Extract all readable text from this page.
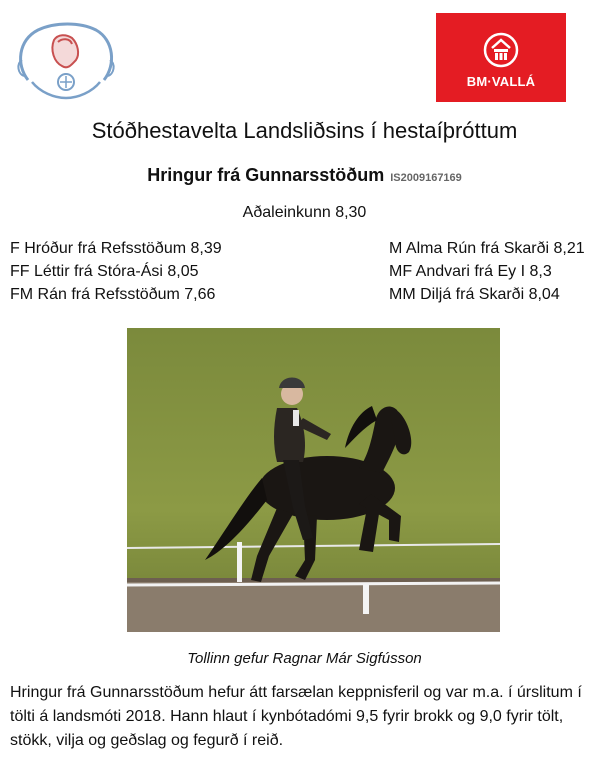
BM·VALLÁ
Stóðhestavelta Landsliðsins í hestaíþróttum
Hringur frá Gunnarsstöðum IS2009167169
Aðaleinkunn 8,30
F Hróður frá Refsstöðum 8,39
FF Léttir frá Stóra-Ási 8,05
FM Rán frá Refsstöðum 7,66
M Alma Rún frá Skarði 8,21
MF Andvari frá Ey I 8,3
MM Diljá frá Skarði 8,04
Tollinn gefur Ragnar Már Sigfússon
Hringur frá Gunnarsstöðum hefur átt farsælan keppnisferil og var m.a. í úrslitum í tölti á landsmóti 2018. Hann hlaut í kynbótadómi 9,5 fyrir brokk og 9,0 fyrir tölt, stökk, vilja og geðslag og fegurð í reið.
